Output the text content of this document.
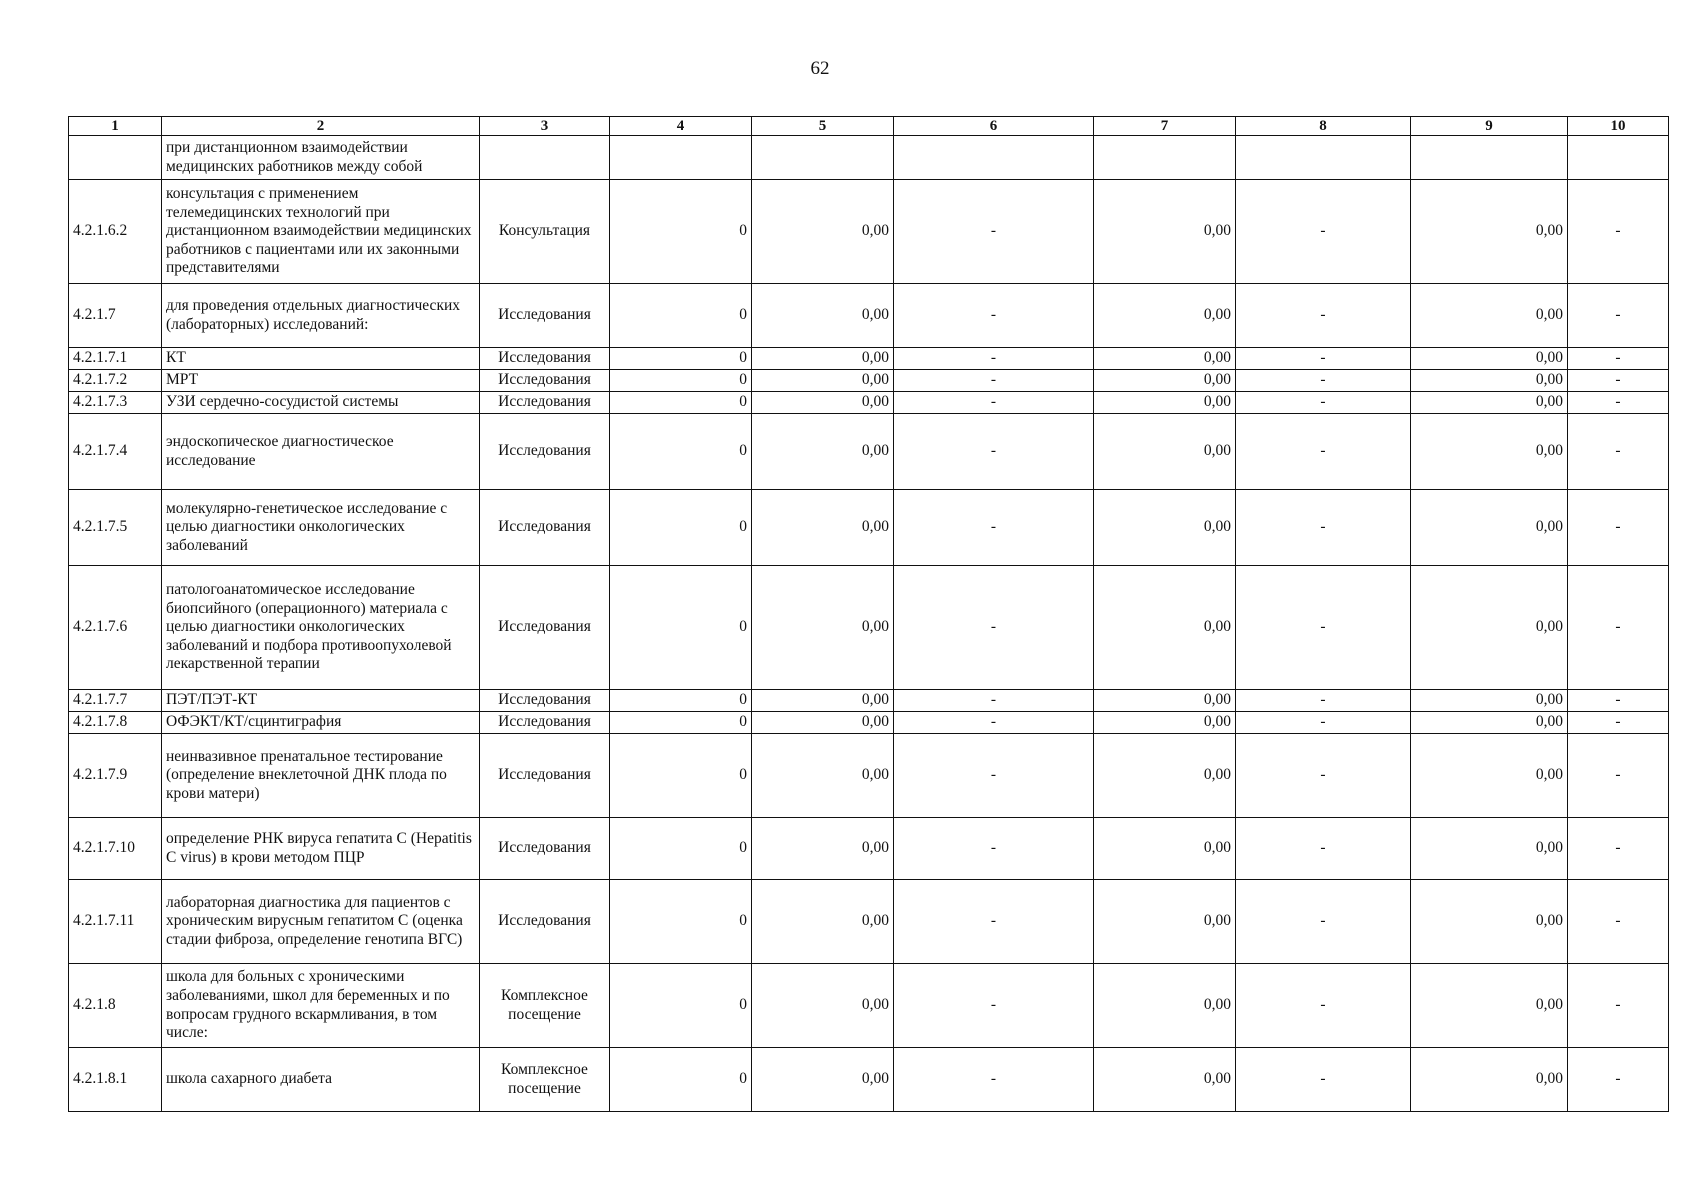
62
1	2	3	4	5	6	7	8	9	10
	при дистанционном взаимодействии медицинских работников между собой								
4.2.1.6.2	консультация с применением телемедицинских технологий при дистанционном взаимодействии медицинских работников с пациентами или их законными представителями	Консультация	0	0,00	-	0,00	-	0,00	-
4.2.1.7	для проведения отдельных диагностических (лабораторных) исследований:	Исследования	0	0,00	-	0,00	-	0,00	-
4.2.1.7.1	КТ	Исследования	0	0,00	-	0,00	-	0,00	-
4.2.1.7.2	МРТ	Исследования	0	0,00	-	0,00	-	0,00	-
4.2.1.7.3	УЗИ сердечно-сосудистой системы	Исследования	0	0,00	-	0,00	-	0,00	-
4.2.1.7.4	эндоскопическое диагностическое исследование	Исследования	0	0,00	-	0,00	-	0,00	-
4.2.1.7.5	молекулярно-генетическое исследование с целью диагностики онкологических заболеваний	Исследования	0	0,00	-	0,00	-	0,00	-
4.2.1.7.6	патологоанатомическое исследование биопсийного (операционного) материала с целью диагностики онкологических заболеваний и подбора противоопухолевой лекарственной терапии	Исследования	0	0,00	-	0,00	-	0,00	-
4.2.1.7.7	ПЭТ/ПЭТ-КТ	Исследования	0	0,00	-	0,00	-	0,00	-
4.2.1.7.8	ОФЭКТ/КТ/сцинтиграфия	Исследования	0	0,00	-	0,00	-	0,00	-
4.2.1.7.9	неинвазивное пренатальное тестирование (определение внеклеточной ДНК плода по крови матери)	Исследования	0	0,00	-	0,00	-	0,00	-
4.2.1.7.10	определение РНК вируса гепатита С (Hepatitis С virus) в крови методом ПЦР	Исследования	0	0,00	-	0,00	-	0,00	-
4.2.1.7.11	лабораторная диагностика для пациентов с хроническим вирусным гепатитом С (оценка стадии фиброза, определение генотипа ВГС)	Исследования	0	0,00	-	0,00	-	0,00	-
4.2.1.8	школа для больных с хроническими заболеваниями, школ для беременных и по вопросам грудного вскармливания, в том числе:	Комплексное посещение	0	0,00	-	0,00	-	0,00	-
4.2.1.8.1	школа сахарного диабета	Комплексное посещение	0	0,00	-	0,00	-	0,00	-
